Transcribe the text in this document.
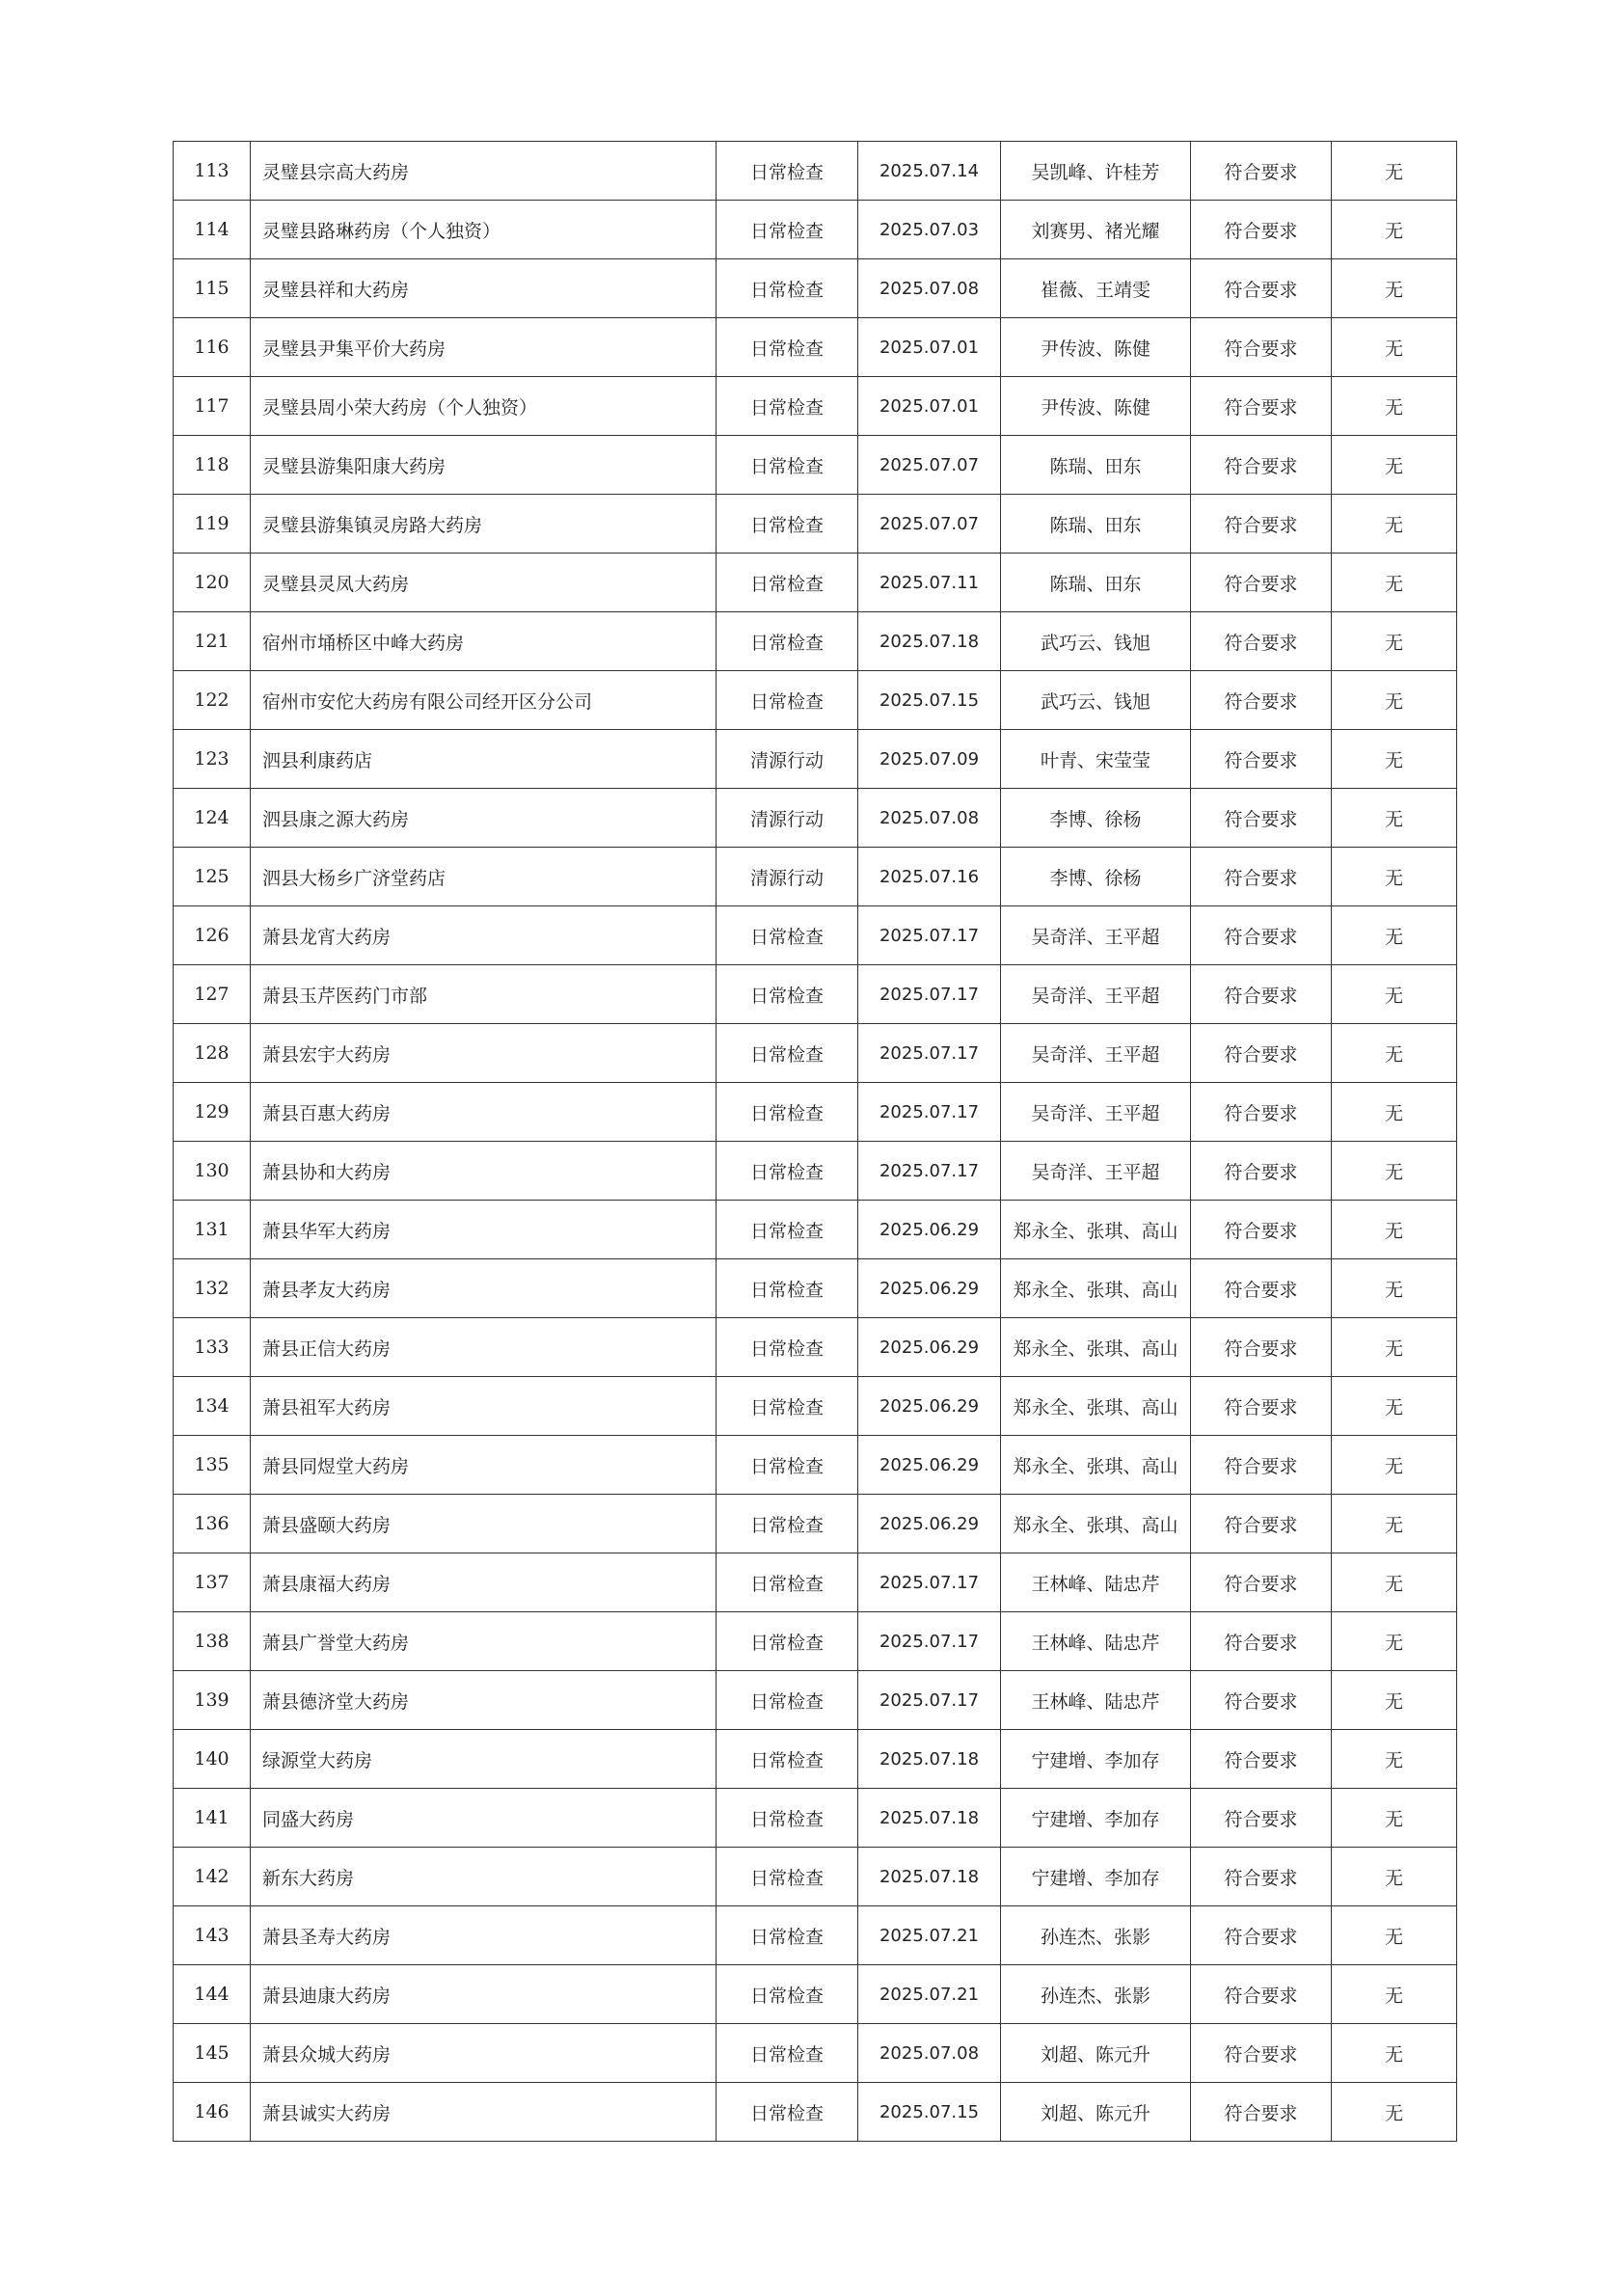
113	灵璧县宗高大药房	日常检查	2025.07.14	吴凯峰、许桂芳	符合要求	无
114	灵璧县路琳药房（个人独资）	日常检查	2025.07.03	刘赛男、褚光耀	符合要求	无
115	灵璧县祥和大药房	日常检查	2025.07.08	崔薇、王靖雯	符合要求	无
116	灵璧县尹集平价大药房	日常检查	2025.07.01	尹传波、陈健	符合要求	无
117	灵璧县周小荣大药房（个人独资）	日常检查	2025.07.01	尹传波、陈健	符合要求	无
118	灵璧县游集阳康大药房	日常检查	2025.07.07	陈瑞、田东	符合要求	无
119	灵璧县游集镇灵房路大药房	日常检查	2025.07.07	陈瑞、田东	符合要求	无
120	灵璧县灵凤大药房	日常检查	2025.07.11	陈瑞、田东	符合要求	无
121	宿州市埇桥区中峰大药房	日常检查	2025.07.18	武巧云、钱旭	符合要求	无
122	宿州市安佗大药房有限公司经开区分公司	日常检查	2025.07.15	武巧云、钱旭	符合要求	无
123	泗县利康药店	清源行动	2025.07.09	叶青、宋莹莹	符合要求	无
124	泗县康之源大药房	清源行动	2025.07.08	李博、徐杨	符合要求	无
125	泗县大杨乡广济堂药店	清源行动	2025.07.16	李博、徐杨	符合要求	无
126	萧县龙宵大药房	日常检查	2025.07.17	吴奇洋、王平超	符合要求	无
127	萧县玉芹医药门市部	日常检查	2025.07.17	吴奇洋、王平超	符合要求	无
128	萧县宏宇大药房	日常检查	2025.07.17	吴奇洋、王平超	符合要求	无
129	萧县百惠大药房	日常检查	2025.07.17	吴奇洋、王平超	符合要求	无
130	萧县协和大药房	日常检查	2025.07.17	吴奇洋、王平超	符合要求	无
131	萧县华军大药房	日常检查	2025.06.29	郑永全、张琪、高山	符合要求	无
132	萧县孝友大药房	日常检查	2025.06.29	郑永全、张琪、高山	符合要求	无
133	萧县正信大药房	日常检查	2025.06.29	郑永全、张琪、高山	符合要求	无
134	萧县祖军大药房	日常检查	2025.06.29	郑永全、张琪、高山	符合要求	无
135	萧县同煜堂大药房	日常检查	2025.06.29	郑永全、张琪、高山	符合要求	无
136	萧县盛颐大药房	日常检查	2025.06.29	郑永全、张琪、高山	符合要求	无
137	萧县康福大药房	日常检查	2025.07.17	王林峰、陆忠芹	符合要求	无
138	萧县广誉堂大药房	日常检查	2025.07.17	王林峰、陆忠芹	符合要求	无
139	萧县德济堂大药房	日常检查	2025.07.17	王林峰、陆忠芹	符合要求	无
140	绿源堂大药房	日常检查	2025.07.18	宁建增、李加存	符合要求	无
141	同盛大药房	日常检查	2025.07.18	宁建增、李加存	符合要求	无
142	新东大药房	日常检查	2025.07.18	宁建增、李加存	符合要求	无
143	萧县圣寿大药房	日常检查	2025.07.21	孙连杰、张影	符合要求	无
144	萧县迪康大药房	日常检查	2025.07.21	孙连杰、张影	符合要求	无
145	萧县众城大药房	日常检查	2025.07.08	刘超、陈元升	符合要求	无
146	萧县诚实大药房	日常检查	2025.07.15	刘超、陈元升	符合要求	无
